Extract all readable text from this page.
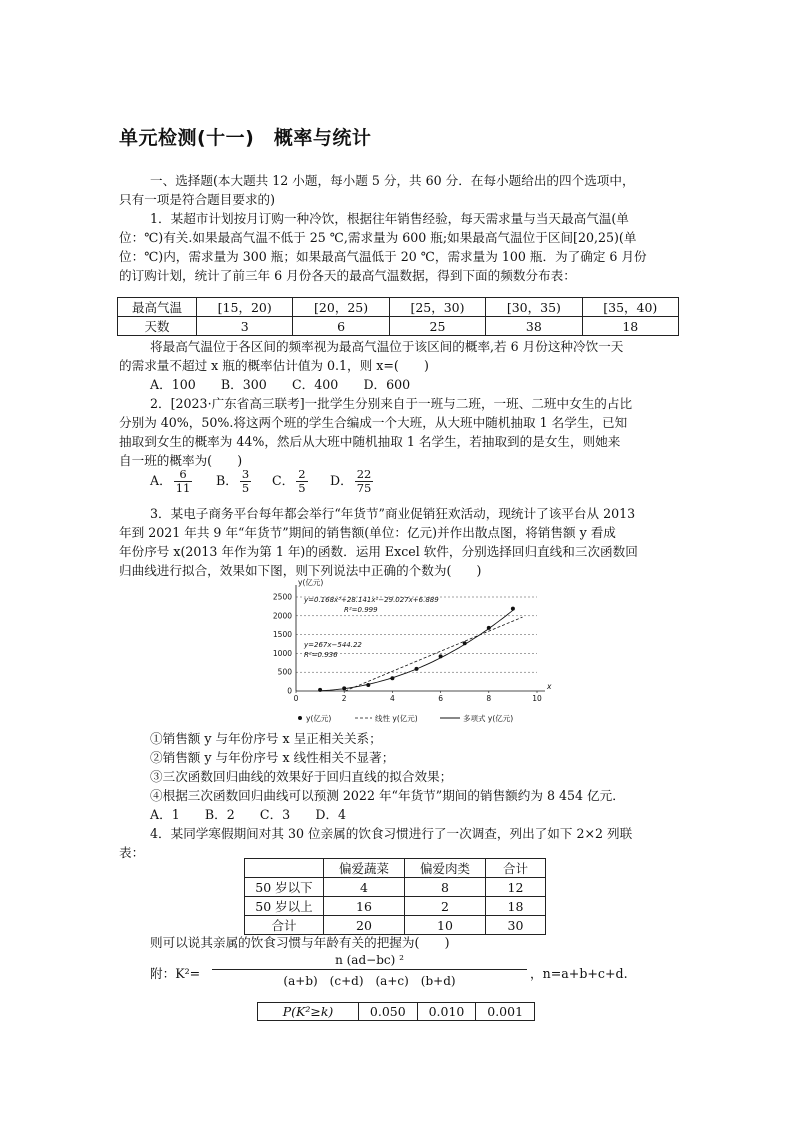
单元检测(十一)　概率与统计
一、选择题(本大题共 12 小题，每小题 5 分，共 60 分．在每小题给出的四个选项中，
只有一项是符合题目要求的)
1．某超市计划按月订购一种冷饮，根据往年销售经验，每天需求量与当天最高气温(单
位：℃)有关.如果最高气温不低于 25 ℃,需求量为 600 瓶;如果最高气温位于区间[20,25)(单
位：℃)内，需求量为 300 瓶；如果最高气温低于 20 ℃，需求量为 100 瓶．为了确定 6 月份
的订购计划，统计了前三年 6 月份各天的最高气温数据，得到下面的频数分布表：
最高气温	[15，20)	[20，25)	[25，30)	[30，35)	[35，40)
天数	3	6	25	38	18
将最高气温位于各区间的频率视为最高气温位于该区间的概率,若 6 月份这种冷饮一天
的需求量不超过 x 瓶的概率估计值为 0.1，则 x=(　　)
A．100　　B．300　　C．400　　D．600
2．[2023·广东省高三联考]一批学生分别来自于一班与二班，一班、二班中女生的占比
分别为 40%，50%.将这两个班的学生合编成一个大班，从大班中随机抽取 1 名学生，已知
抽取到女生的概率为 44%，然后从大班中随机抽取 1 名学生，若抽取到的是女生，则她来
自一班的概率为(　　)
A． $\frac{6}{11}$ B． $\frac{3}{5}$ C． $\frac{2}{5}$ D． $\frac{22}{75}$
3．某电子商务平台每年都会举行“年货节”商业促销狂欢活动，现统计了该平台从 2013
年到 2021 年共 9 年“年货节”期间的销售额(单位：亿元)并作出散点图，将销售额 y 看成
年份序号 x(2013 年作为第 1 年)的函数．运用 Excel 软件，分别选择回归直线和三次函数回
归曲线进行拟合，效果如下图，则下列说法中正确的个数为(　　)
0
500
1000
1500
2000
2500
x
y(亿元)
0	2	4	6	8	10
y=0.168x³+28.141x²−29.027x+6.889
R²=0.999
y=267x−544.22
R²=0.936
y(亿元)	线性 y(亿元)	多项式 y(亿元)
①销售额 y 与年份序号 x 呈正相关关系；
②销售额 y 与年份序号 x 线性相关不显著；
③三次函数回归曲线的效果好于回归直线的拟合效果；
④根据三次函数回归曲线可以预测 2022 年“年货节”期间的销售额约为 8 454 亿元．
A．1　　B．2　　C．3　　D．4
4．某同学寒假期间对其 30 位亲属的饮食习惯进行了一次调查，列出了如下 2×2 列联
表：
	偏爱蔬菜	偏爱肉类	合计
50 岁以下	4	8	12
50 岁以上	16	2	18
合计	20	10	30
则可以说其亲属的饮食习惯与年龄有关的把握为(　　)
附：K²=
n (ad−bc) ²
(a+b)　(c+d)　(a+c)　(b+d)	，n=a+b+c+d.
P(K²≥k)	0.050	0.010	0.001
